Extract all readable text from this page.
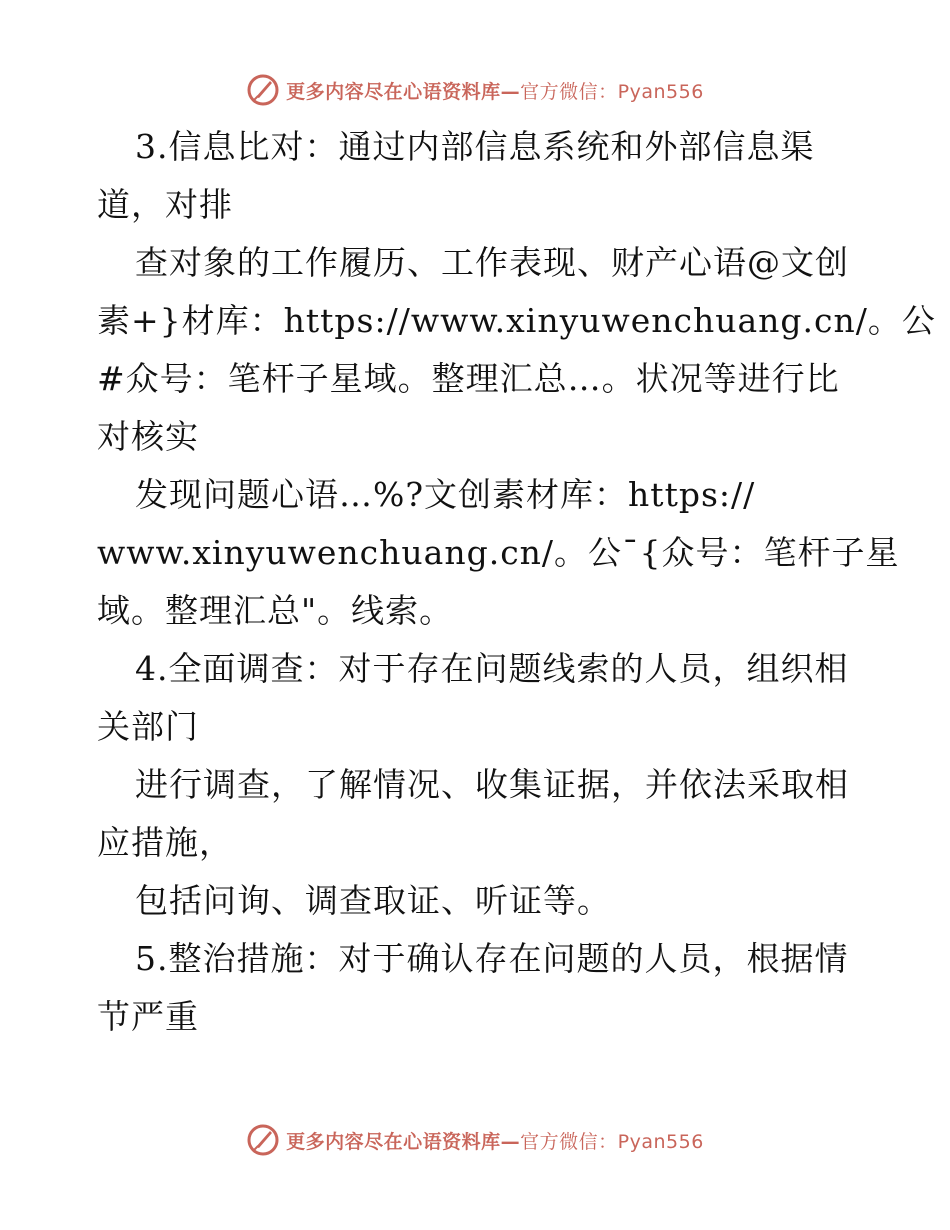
更多内容尽在心语资料库—官方微信：Pyan556
3.信息比对：通过内部信息系统和外部信息渠
道，对排
查对象的工作履历、工作表现、财产心语@文创
素+}材库：https://www.xinyuwenchuang.cn/。公
#众号：笔杆子星域。整理汇总…。状况等进行比
对核实
发现问题心语…%?文创素材库：https://
www.xinyuwenchuang.cn/。公¯{众号：笔杆子星
域。整理汇总"。线索。
4.全面调查：对于存在问题线索的人员，组织相
关部门
进行调查，了解情况、收集证据，并依法采取相
应措施，
包括问询、调查取证、听证等。
5.整治措施：对于确认存在问题的人员，根据情
节严重
更多内容尽在心语资料库—官方微信：Pyan556
